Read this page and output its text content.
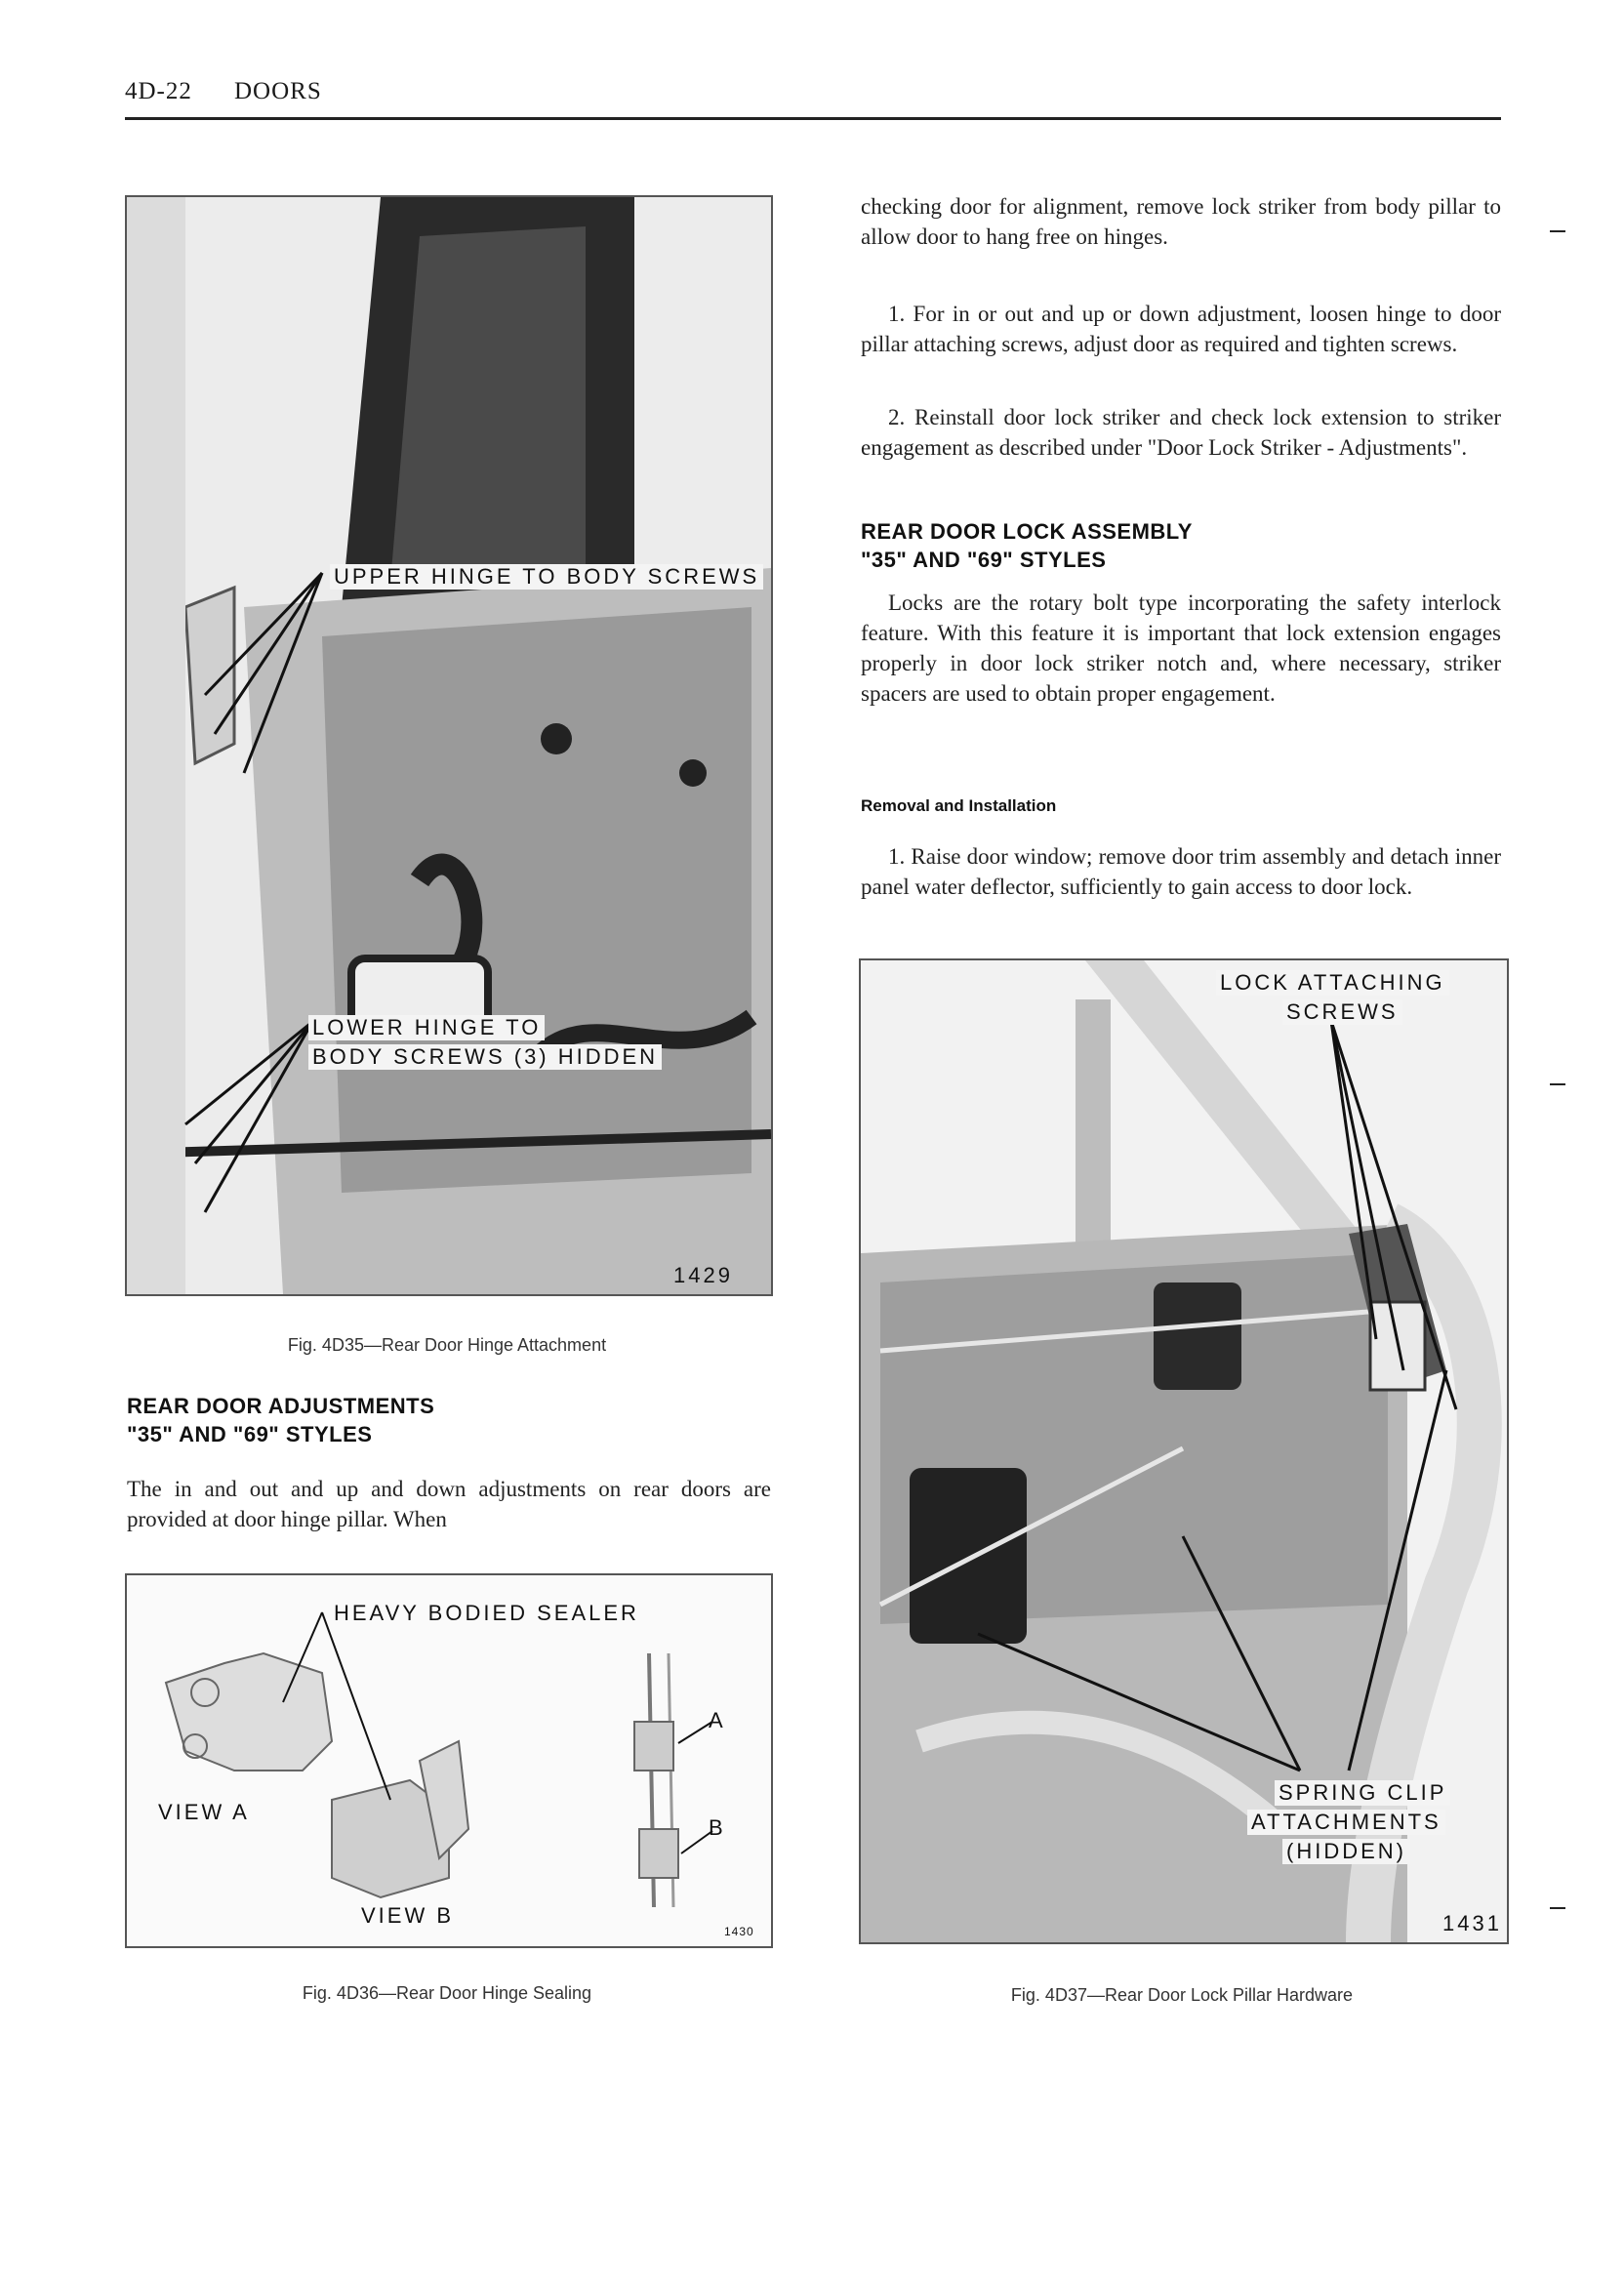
4D-22 DOORS
UPPER HINGE TO BODY SCREWS
LOWER HINGE TO
BODY SCREWS (3) HIDDEN
1429
Fig. 4D35—Rear Door Hinge Attachment
REAR DOOR ADJUSTMENTS
"35" AND "69" STYLES

The in and out and up and down adjustments on rear doors are provided at door hinge pillar. When

HEAVY BODIED SEALER
VIEW A
VIEW B
A
B
1430
Fig. 4D36—Rear Door Hinge Sealing

checking door for alignment, remove lock striker from body pillar to allow door to hang free on hinges.

1. For in or out and up or down adjustment, loosen hinge to door pillar attaching screws, adjust door as required and tighten screws.

2. Reinstall door lock striker and check lock extension to striker engagement as described under "Door Lock Striker - Adjustments".

REAR DOOR LOCK ASSEMBLY
"35" AND "69" STYLES

Locks are the rotary bolt type incorporating the safety interlock feature. With this feature it is important that lock extension engages properly in door lock striker notch and, where necessary, striker spacers are used to obtain proper engagement.

Removal and Installation

1. Raise door window; remove door trim assembly and detach inner panel water deflector, sufficiently to gain access to door lock.

LOCK ATTACHING
SCREWS
SPRING CLIP
ATTACHMENTS
(HIDDEN)
1431
Fig. 4D37—Rear Door Lock Pillar Hardware
